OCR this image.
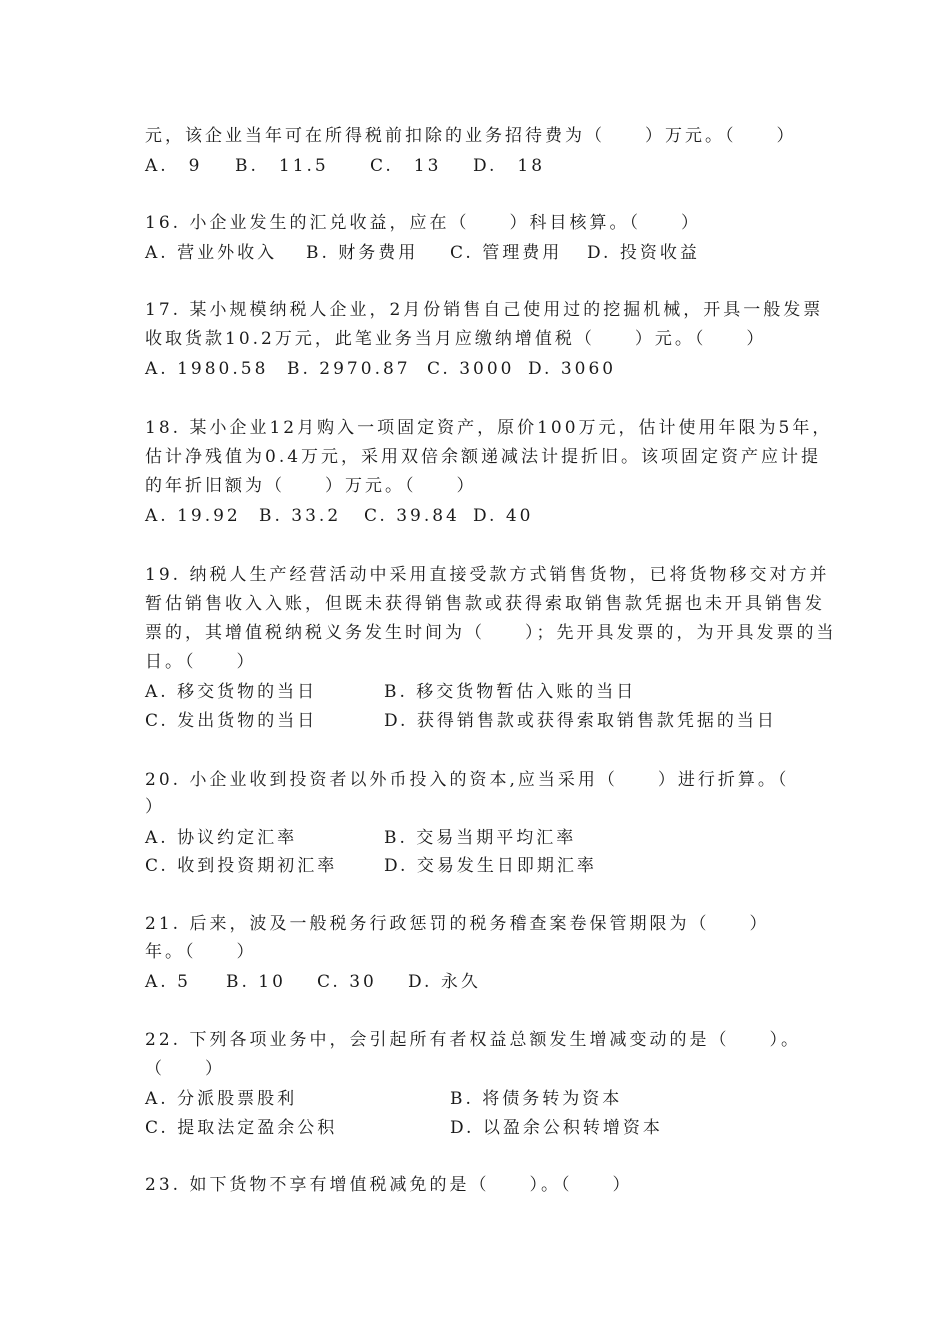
元，该企业当年可在所得税前扣除的业务招待费为（　　）万元。（　　）
A.　9 B.　11.5 C.　13 D.　18
16. 小企业发生的汇兑收益，应在（　　）科目核算。（　　）
A. 营业外收入 B. 财务费用 C. 管理费用 D. 投资收益
17. 某小规模纳税人企业，2月份销售自己使用过的挖掘机械，开具一般发票
收取货款10.2万元，此笔业务当月应缴纳增值税（　　）元。（　　）
A. 1980.58 B. 2970.87 C. 3000 D. 3060
18. 某小企业12月购入一项固定资产，原价100万元，估计使用年限为5年，
估计净残值为0.4万元，采用双倍余额递减法计提折旧。该项固定资产应计提
的年折旧额为（　　）万元。（　　）
A. 19.92 B. 33.2 C. 39.84 D. 40
19. 纳税人生产经营活动中采用直接受款方式销售货物，已将货物移交对方并
暂估销售收入入账，但既未获得销售款或获得索取销售款凭据也未开具销售发
票的，其增值税纳税义务发生时间为（　　）；先开具发票的，为开具发票的当
日。（　　）
A. 移交货物的当日	B. 移交货物暂估入账的当日
C. 发出货物的当日	D. 获得销售款或获得索取销售款凭据的当日
20. 小企业收到投资者以外币投入的资本,应当采用（　　）进行折算。（
）
A. 协议约定汇率	B. 交易当期平均汇率
C. 收到投资期初汇率	D. 交易发生日即期汇率
21. 后来，波及一般税务行政惩罚的税务稽查案卷保管期限为（　　）
年。（　　）
A. 5 B. 10 C. 30 D. 永久
22. 下列各项业务中，会引起所有者权益总额发生增减变动的是（　　）。
（　　）
A. 分派股票股利	B. 将债务转为资本
C. 提取法定盈余公积	D. 以盈余公积转增资本
23. 如下货物不享有增值税减免的是（　　）。（　　）
